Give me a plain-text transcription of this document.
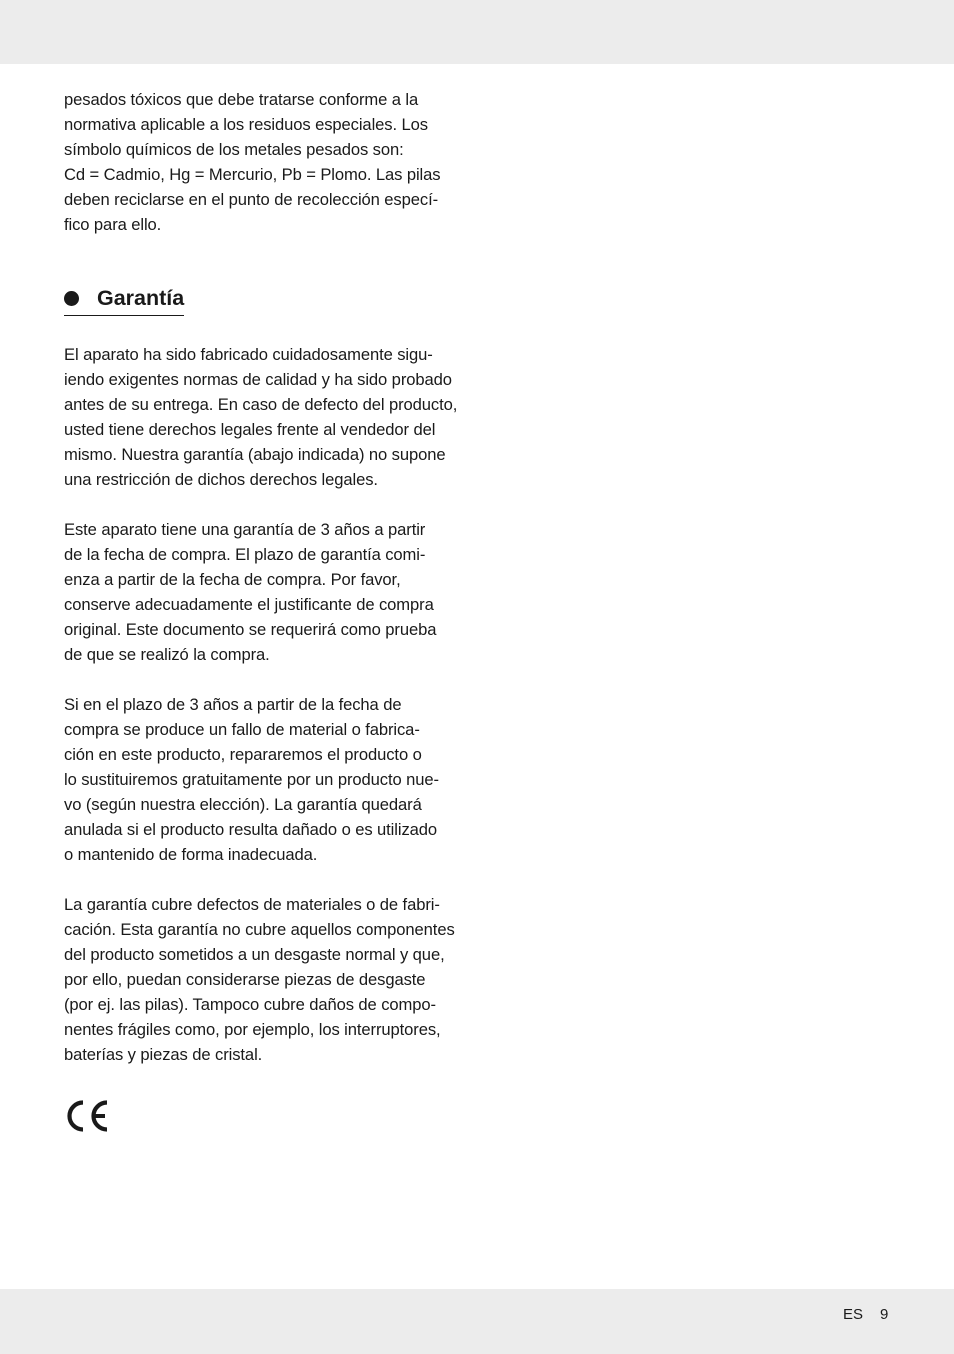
pesados tóxicos que debe tratarse conforme a la
normativa aplicable a los residuos especiales. Los
símbolo químicos de los metales pesados son:
Cd = Cadmio, Hg = Mercurio, Pb = Plomo. Las pilas
deben reciclarse en el punto de recolección especí-
fico para ello.

Garantía

El aparato ha sido fabricado cuidadosamente sigu-
iendo exigentes normas de calidad y ha sido probado
antes de su entrega. En caso de defecto del producto,
usted tiene derechos legales frente al vendedor del
mismo. Nuestra garantía (abajo indicada) no supone
una restricción de dichos derechos legales.

Este aparato tiene una garantía de 3 años a partir
de la fecha de compra. El plazo de garantía comi-
enza a partir de la fecha de compra. Por favor,
conserve adecuadamente el justificante de compra
original. Este documento se requerirá como prueba
de que se realizó la compra.

Si en el plazo de 3 años a partir de la fecha de
compra se produce un fallo de material o fabrica-
ción en este producto, repararemos el producto o
lo sustituiremos gratuitamente por un producto nue-
vo (según nuestra elección). La garantía quedará
anulada si el producto resulta dañado o es utilizado
o mantenido de forma inadecuada.

La garantía cubre defectos de materiales o de fabri-
cación. Esta garantía no cubre aquellos componentes
del producto sometidos a un desgaste normal y que,
por ello, puedan considerarse piezas de desgaste
(por ej. las pilas). Tampoco cubre daños de compo-
nentes frágiles como, por ejemplo, los interruptores,
baterías y piezas de cristal.

ES 9
